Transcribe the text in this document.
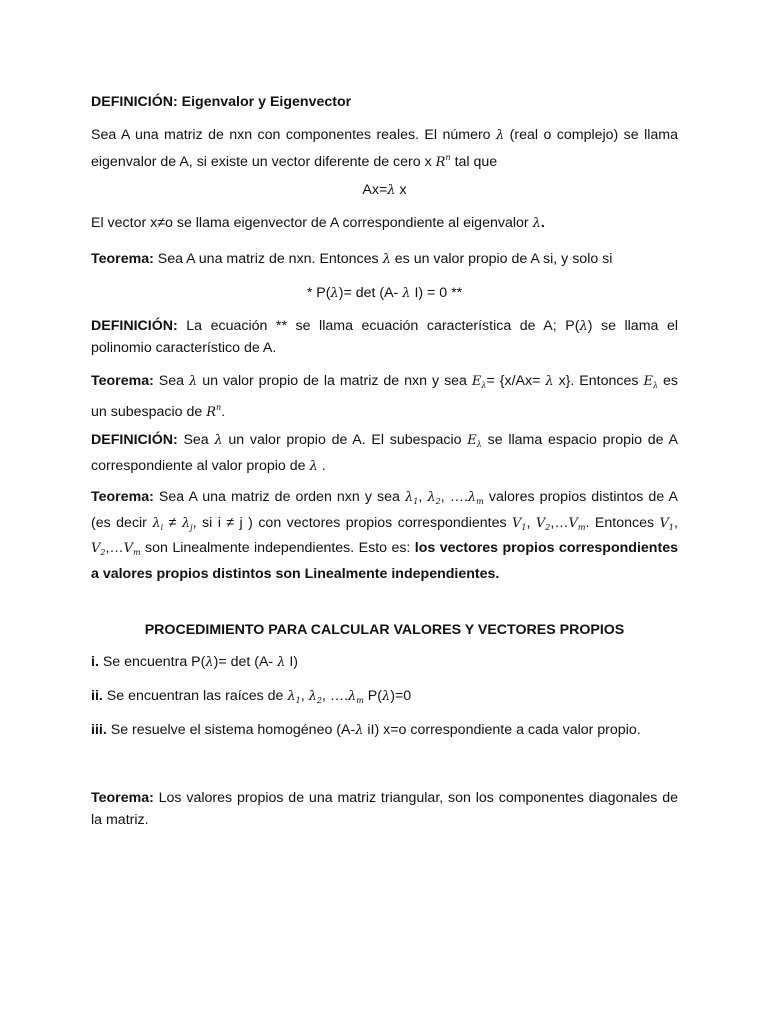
DEFINICIÓN: Eigenvalor y Eigenvector

Sea A una matriz de nxn con componentes reales. El número λ (real o complejo) se llama eigenvalor de A, si existe un vector diferente de cero x $R^n$ tal que

Ax=λ x

El vector x≠o se llama eigenvector de A correspondiente al eigenvalor λ.

Teorema: Sea A una matriz de nxn. Entonces λ es un valor propio de A si, y solo si

* P(λ)= det (A- λ I) = 0 **

DEFINICIÓN: La ecuación ** se llama ecuación característica de A; P(λ) se llama el polinomio característico de A.

Teorema: Sea λ un valor propio de la matriz de nxn y sea $E_\lambda= \{x/Ax= \lambda$ x}. Entonces $E_\lambda$ es un subespacio de $R^n$.

DEFINICIÓN: Sea λ un valor propio de A. El subespacio $E_\lambda$ se llama espacio propio de A correspondiente al valor propio de λ .

Teorema: Sea A una matriz de orden nxn y sea $\lambda_1$, $\lambda_2$, $\dots.\lambda_m$ valores propios distintos de A (es decir $\lambda_i \ne \lambda_j$, si i ≠ j ) con vectores propios correspondientes $V_1$, $V_2,\dots V_m$. Entonces $V_1$, $V_2,\dots V_m$ son Linealmente independientes. Esto es: los vectores propios correspondientes a valores propios distintos son Linealmente independientes.

PROCEDIMIENTO PARA CALCULAR VALORES Y VECTORES PROPIOS

i. Se encuentra P(λ)= det (A- λ I)

ii. Se encuentran las raíces de $\lambda_1$, $\lambda_2$, $\dots.\lambda_m$ P(λ)=0

iii. Se resuelve el sistema homogéneo (A-λ iI) x=o correspondiente a cada valor propio.

Teorema: Los valores propios de una matriz triangular, son los componentes diagonales de la matriz.
